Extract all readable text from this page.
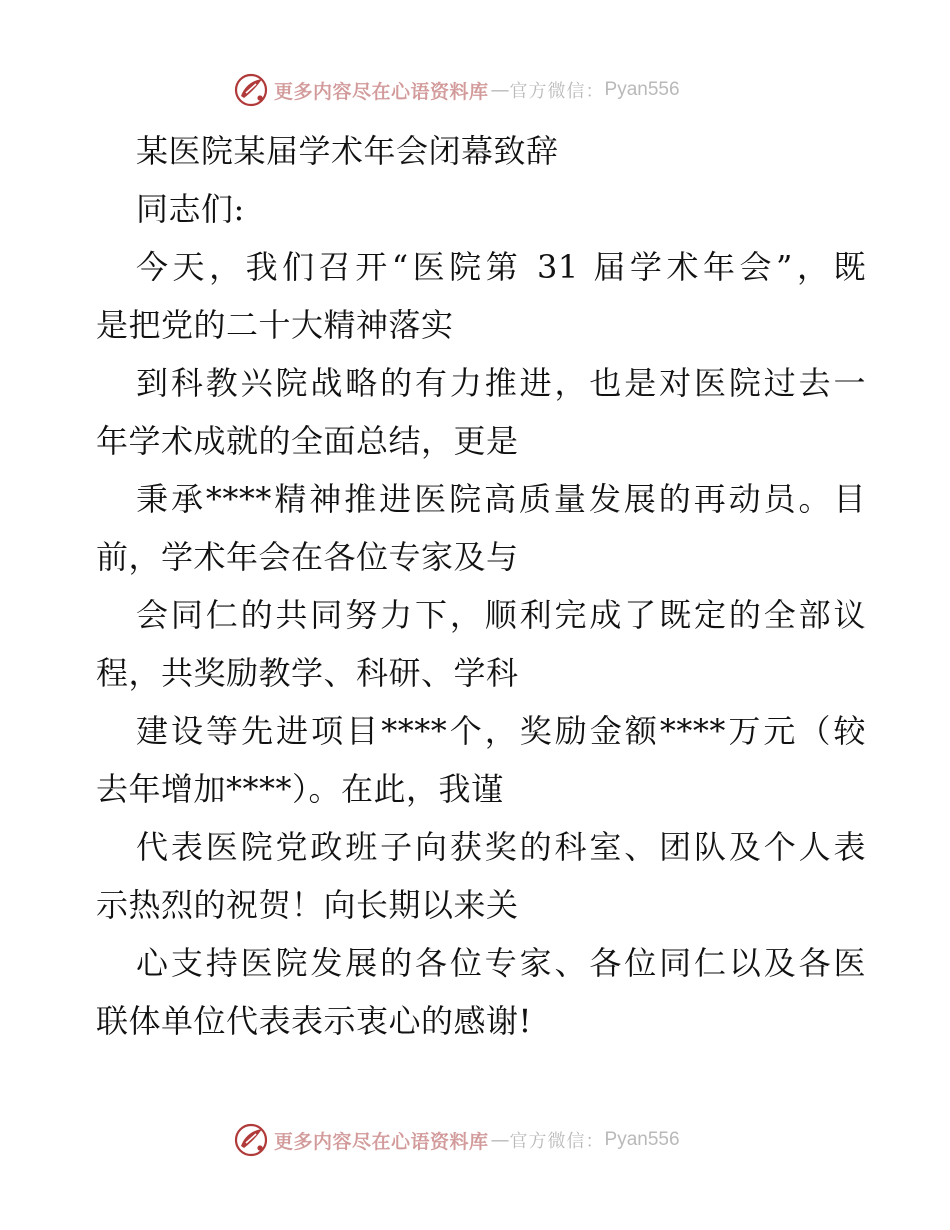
更多内容尽在心语资料库 — 官方微信： Pyan556
某医院某届学术年会闭幕致辞
同志们:
今天，我们召开“医院第 31 届学术年会”，既
是把党的二十大精神落实
到科教兴院战略的有力推进，也是对医院过去一
年学术成就的全面总结，更是
秉承****精神推进医院高质量发展的再动员。目
前，学术年会在各位专家及与
会同仁的共同努力下，顺利完成了既定的全部议
程，共奖励教学、科研、学科
建设等先进项目****个，奖励金额****万元（较
去年增加****）。在此，我谨
代表医院党政班子向获奖的科室、团队及个人表
示热烈的祝贺！向长期以来关
心支持医院发展的各位专家、各位同仁以及各医
联体单位代表表示衷心的感谢!
更多内容尽在心语资料库 — 官方微信： Pyan556
